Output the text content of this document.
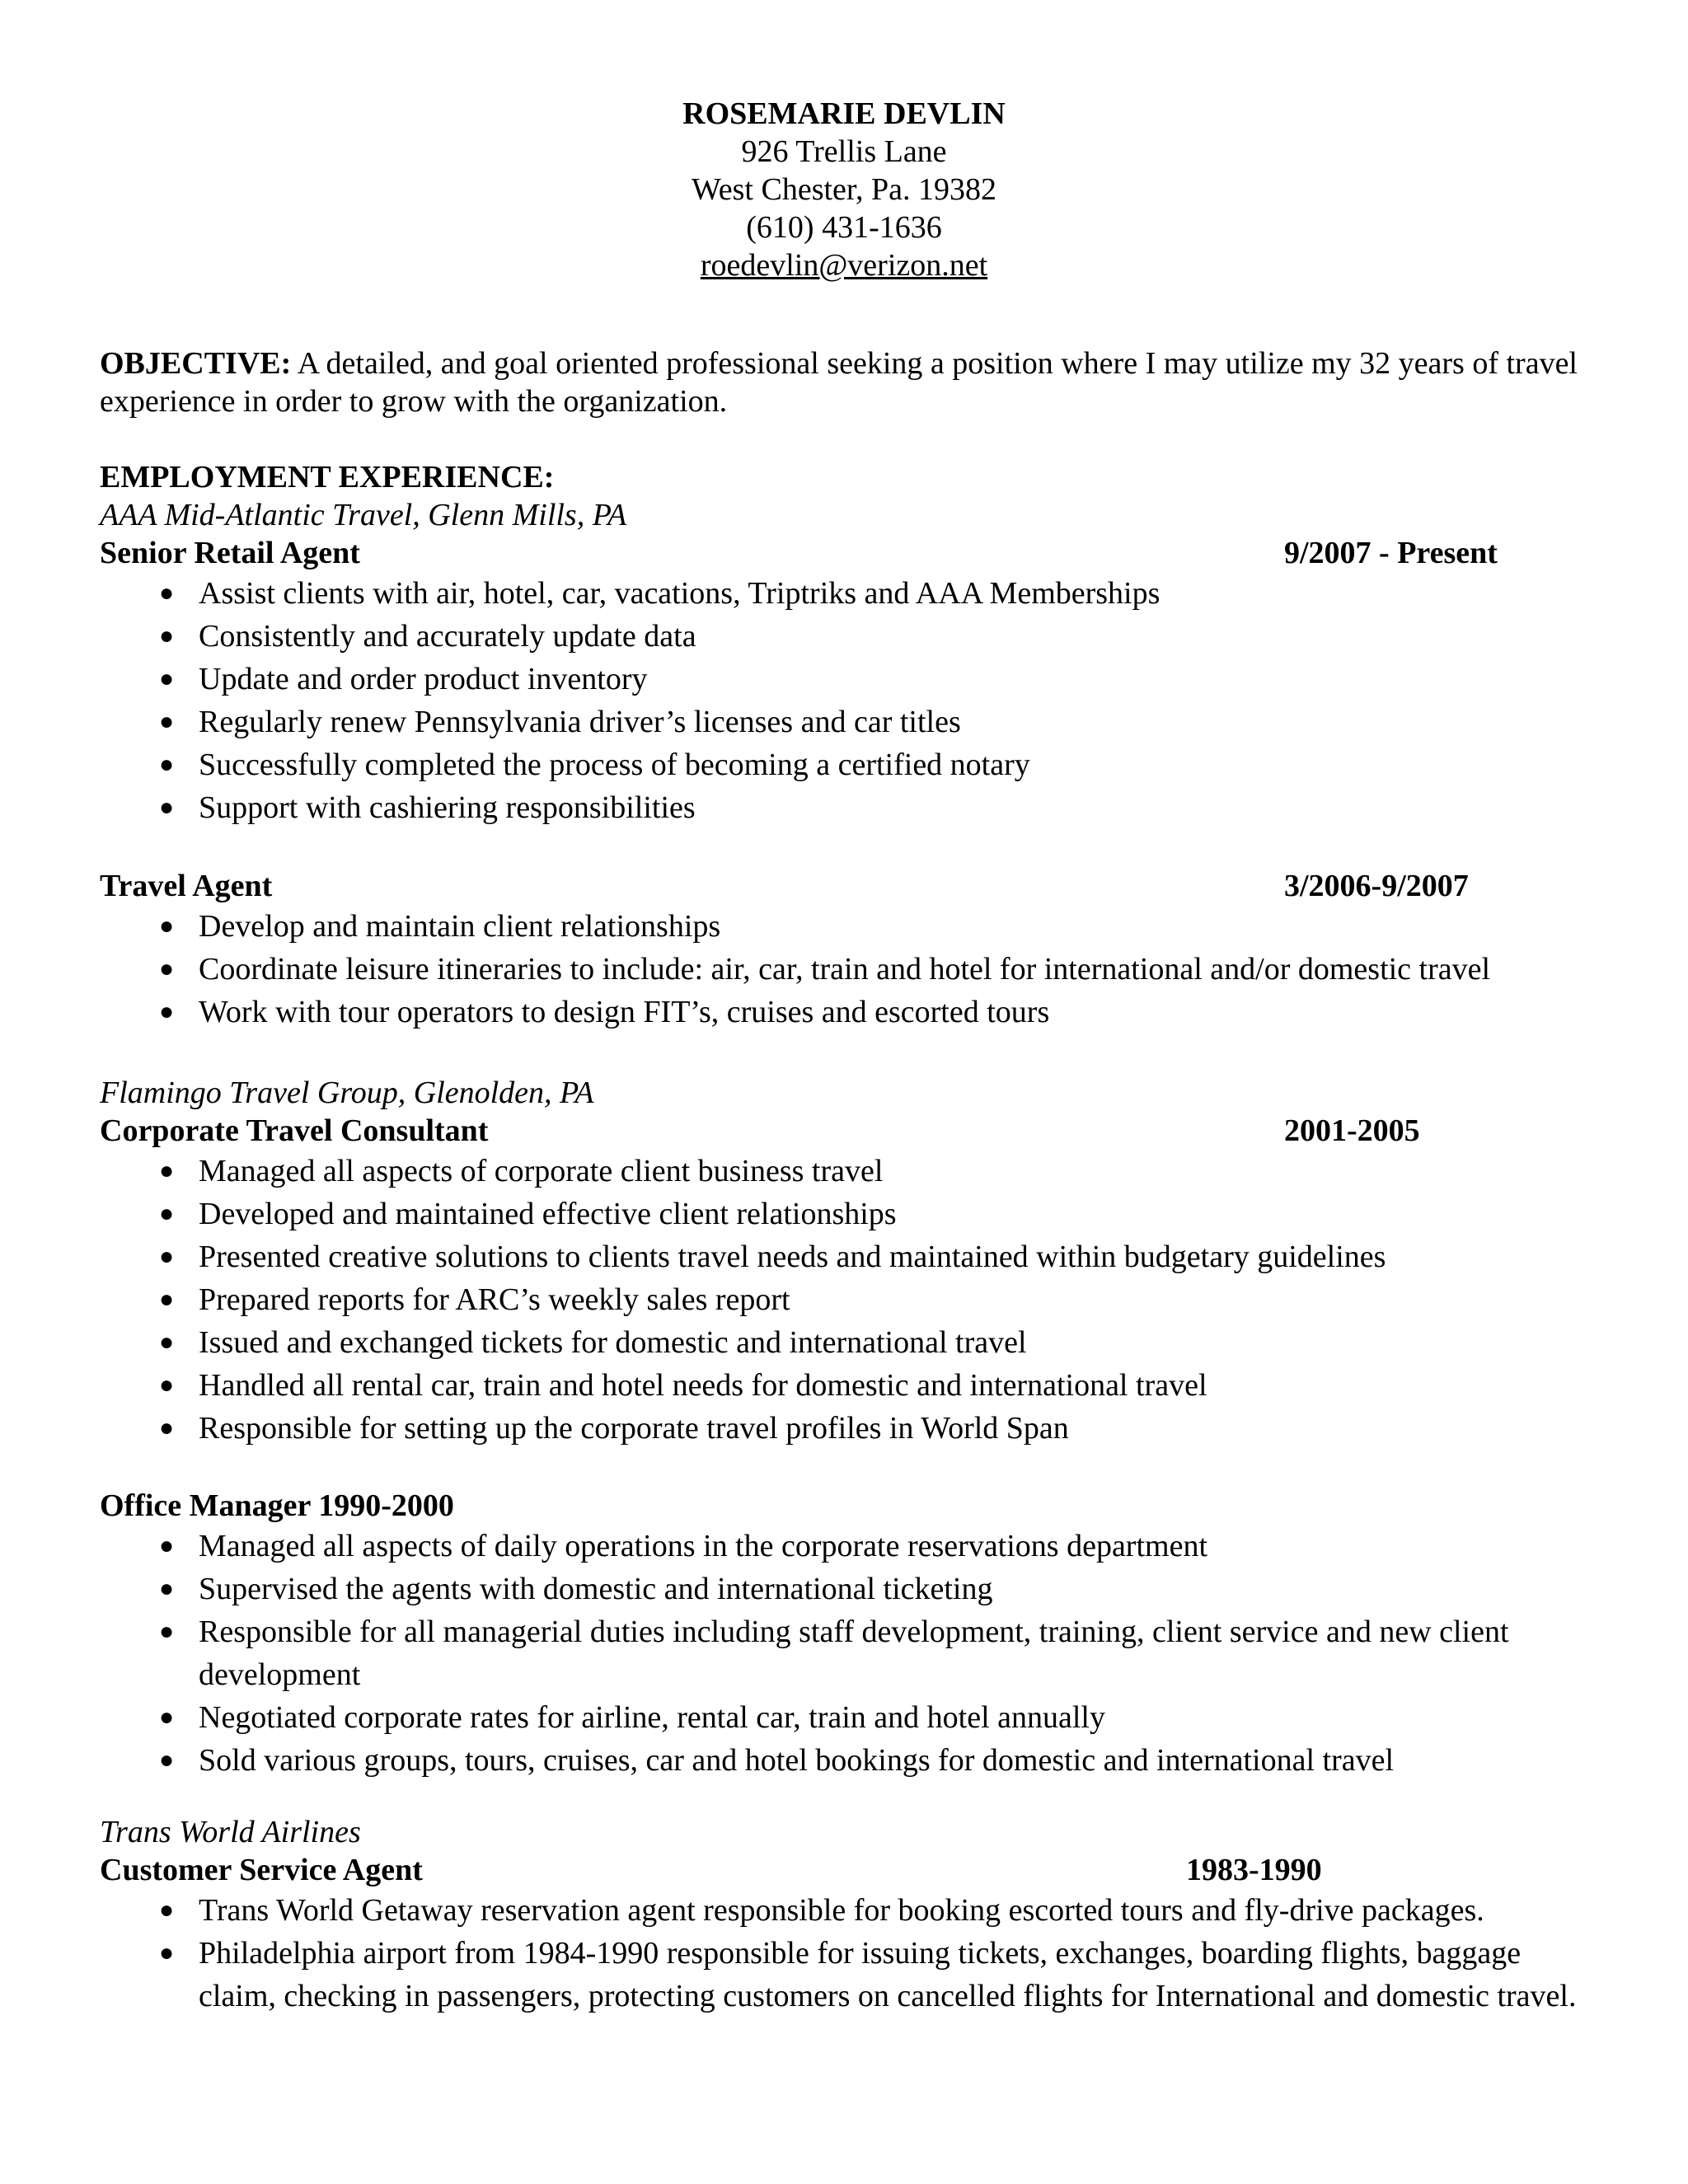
ROSEMARIE DEVLIN
926 Trellis Lane
West Chester, Pa. 19382
(610) 431-1636
roedevlin@verizon.net
OBJECTIVE: A detailed, and goal oriented professional seeking a position where I may utilize my 32 years of travel experience in order to grow with the organization.
EMPLOYMENT EXPERIENCE:
AAA Mid-Atlantic Travel, Glenn Mills, PA
Senior Retail Agent	9/2007 - Present
● Assist clients with air, hotel, car, vacations, Triptriks and AAA Memberships
● Consistently and accurately update data
● Update and order product inventory
● Regularly renew Pennsylvania driver’s licenses and car titles
● Successfully completed the process of becoming a certified notary
● Support with cashiering responsibilities
Travel Agent	3/2006-9/2007
● Develop and maintain client relationships
● Coordinate leisure itineraries to include: air, car, train and hotel for international and/or domestic travel
● Work with tour operators to design FIT’s, cruises and escorted tours
Flamingo Travel Group, Glenolden, PA
Corporate Travel Consultant	2001-2005
● Managed all aspects of corporate client business travel
● Developed and maintained effective client relationships
● Presented creative solutions to clients travel needs and maintained within budgetary guidelines
● Prepared reports for ARC’s weekly sales report
● Issued and exchanged tickets for domestic and international travel
● Handled all rental car, train and hotel needs for domestic and international travel
● Responsible for setting up the corporate travel profiles in World Span
Office Manager 1990-2000
● Managed all aspects of daily operations in the corporate reservations department
● Supervised the agents with domestic and international ticketing
● Responsible for all managerial duties including staff development, training, client service and new client development
● Negotiated corporate rates for airline, rental car, train and hotel annually
● Sold various groups, tours, cruises, car and hotel bookings for domestic and international travel
Trans World Airlines
Customer Service Agent	1983-1990
● Trans World Getaway reservation agent responsible for booking escorted tours and fly-drive packages.
● Philadelphia airport from 1984-1990 responsible for issuing tickets, exchanges, boarding flights, baggage claim, checking in passengers, protecting customers on cancelled flights for International and domestic travel.
